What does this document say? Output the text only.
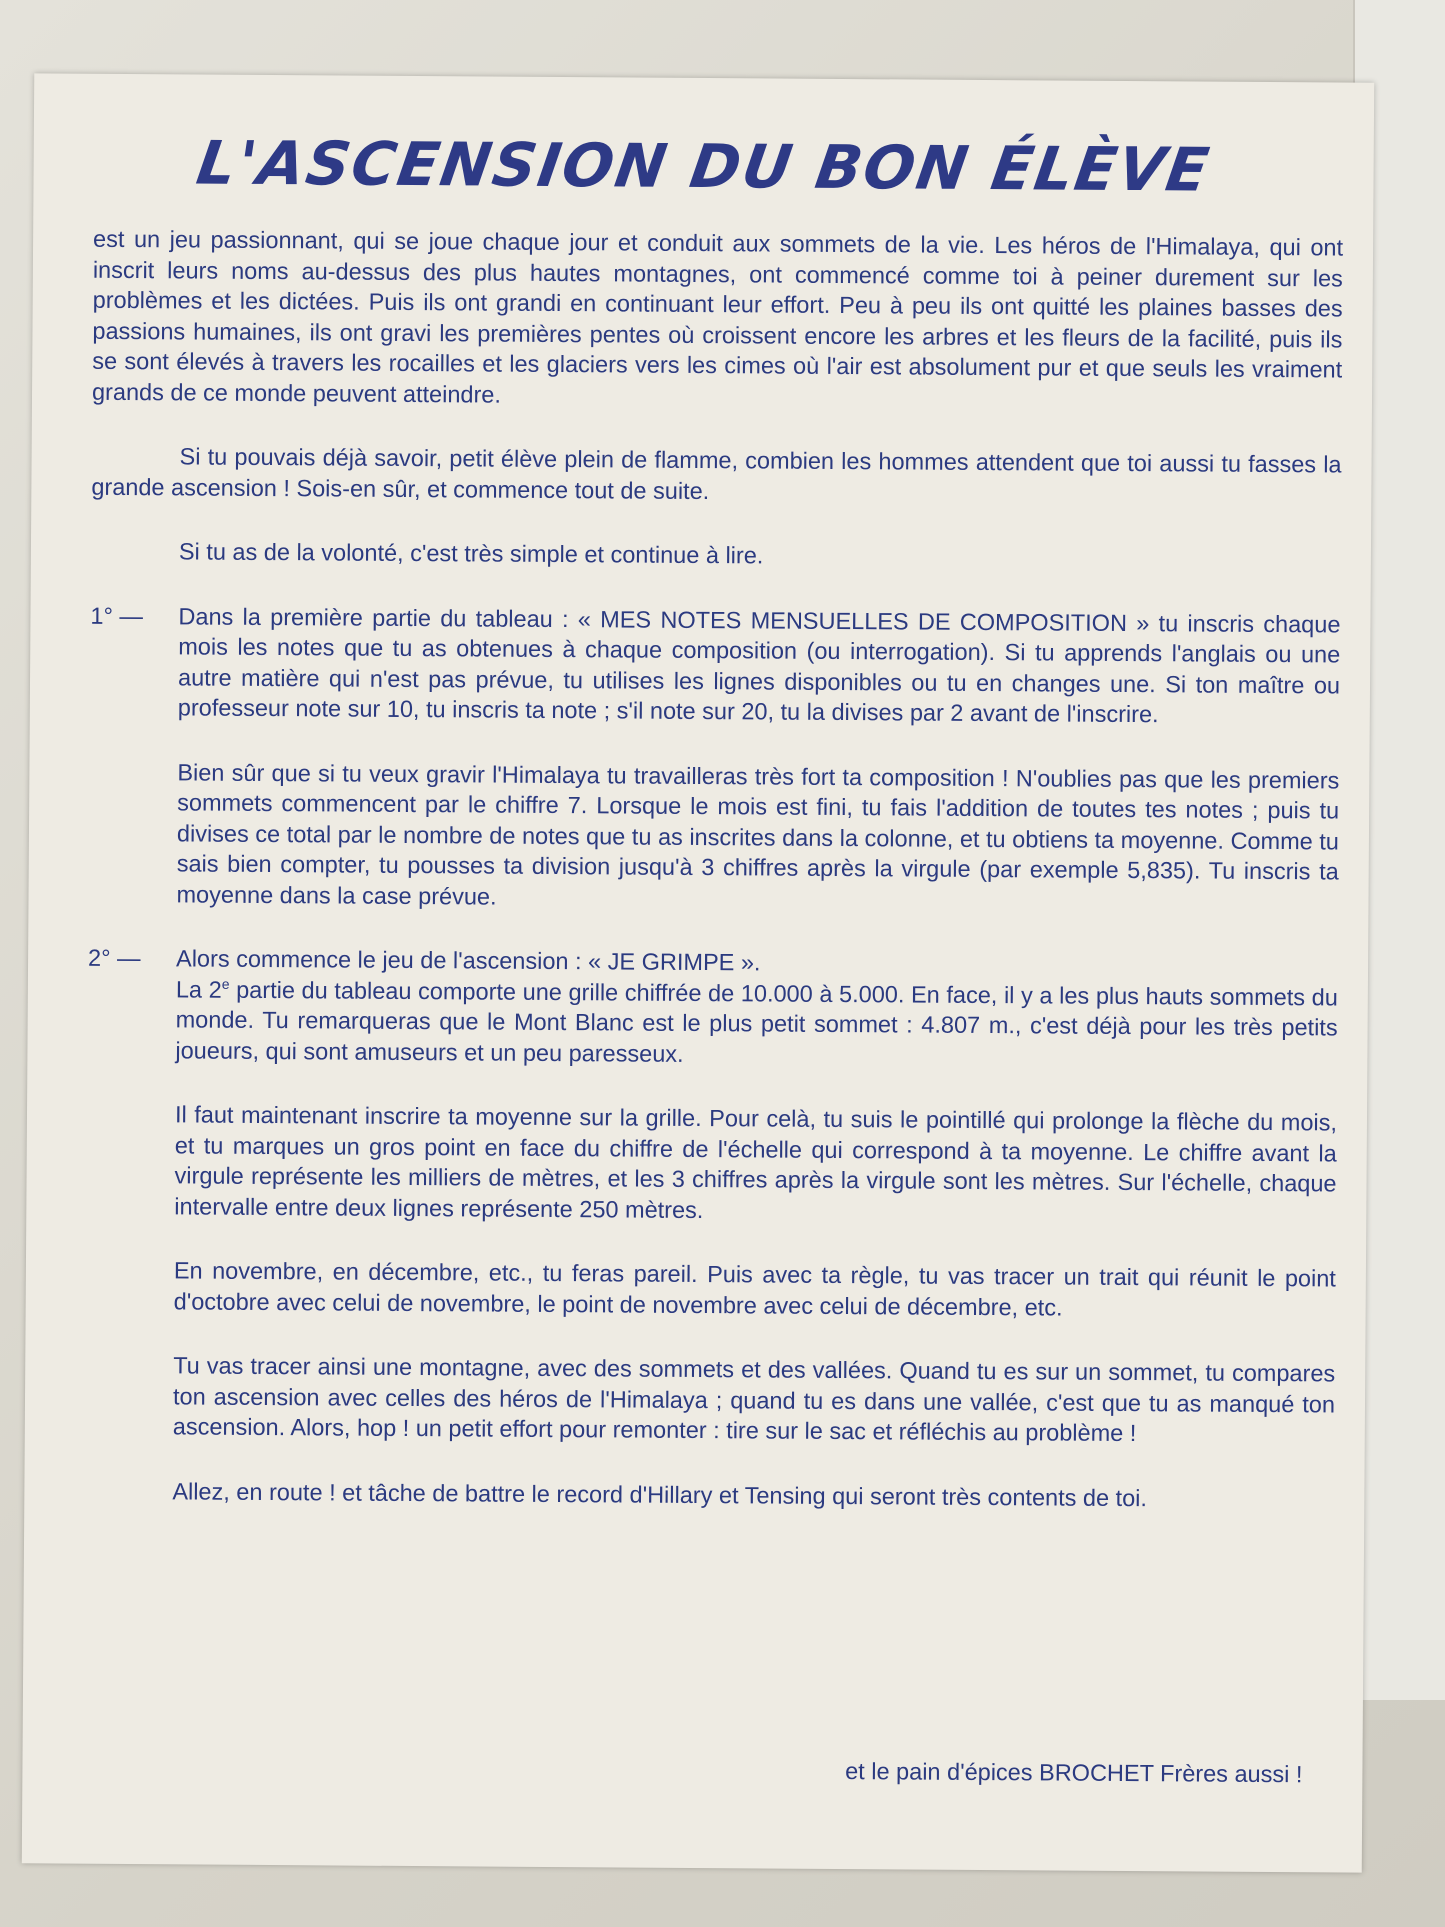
L'ASCENSION DU BON ÉLÈVE

est un jeu passionnant, qui se joue chaque jour et conduit aux sommets de la vie. Les héros de l'Himalaya, qui ont inscrit leurs noms au-dessus des plus hautes montagnes, ont commencé comme toi à peiner durement sur les problèmes et les dictées. Puis ils ont grandi en continuant leur effort. Peu à peu ils ont quitté les plaines basses des passions humaines, ils ont gravi les premières pentes où croissent encore les arbres et les fleurs de la facilité, puis ils se sont élevés à travers les rocailles et les glaciers vers les cimes où l'air est absolument pur et que seuls les vraiment grands de ce monde peuvent atteindre.

Si tu pouvais déjà savoir, petit élève plein de flamme, combien les hommes attendent que toi aussi tu fasses la grande ascension ! Sois-en sûr, et commence tout de suite.

Si tu as de la volonté, c'est très simple et continue à lire.

1° —	Dans la première partie du tableau : « MES NOTES MENSUELLES DE COMPOSITION » tu inscris chaque mois les notes que tu as obtenues à chaque composition (ou interrogation). Si tu apprends l'anglais ou une autre matière qui n'est pas prévue, tu utilises les lignes disponibles ou tu en changes une. Si ton maître ou professeur note sur 10, tu inscris ta note ; s'il note sur 20, tu la divises par 2 avant de l'inscrire.

Bien sûr que si tu veux gravir l'Himalaya tu travailleras très fort ta composition ! N'oublies pas que les premiers sommets commencent par le chiffre 7. Lorsque le mois est fini, tu fais l'addition de toutes tes notes ; puis tu divises ce total par le nombre de notes que tu as inscrites dans la colonne, et tu obtiens ta moyenne. Comme tu sais bien compter, tu pousses ta division jusqu'à 3 chiffres après la virgule (par exemple 5,835). Tu inscris ta moyenne dans la case prévue.

2° —	Alors commence le jeu de l'ascension : « JE GRIMPE ».
La 2e partie du tableau comporte une grille chiffrée de 10.000 à 5.000. En face, il y a les plus hauts sommets du monde. Tu remarqueras que le Mont Blanc est le plus petit sommet : 4.807 m., c'est déjà pour les très petits joueurs, qui sont amuseurs et un peu paresseux.

Il faut maintenant inscrire ta moyenne sur la grille. Pour celà, tu suis le pointillé qui prolonge la flèche du mois, et tu marques un gros point en face du chiffre de l'échelle qui correspond à ta moyenne. Le chiffre avant la virgule représente les milliers de mètres, et les 3 chiffres après la virgule sont les mètres. Sur l'échelle, chaque intervalle entre deux lignes représente 250 mètres.

En novembre, en décembre, etc., tu feras pareil. Puis avec ta règle, tu vas tracer un trait qui réunit le point d'octobre avec celui de novembre, le point de novembre avec celui de décembre, etc.

Tu vas tracer ainsi une montagne, avec des sommets et des vallées. Quand tu es sur un sommet, tu compares ton ascension avec celles des héros de l'Himalaya ; quand tu es dans une vallée, c'est que tu as manqué ton ascension. Alors, hop ! un petit effort pour remonter : tire sur le sac et réfléchis au problème !

Allez, en route ! et tâche de battre le record d'Hillary et Tensing qui seront très contents de toi.

et le pain d'épices BROCHET Frères aussi !
